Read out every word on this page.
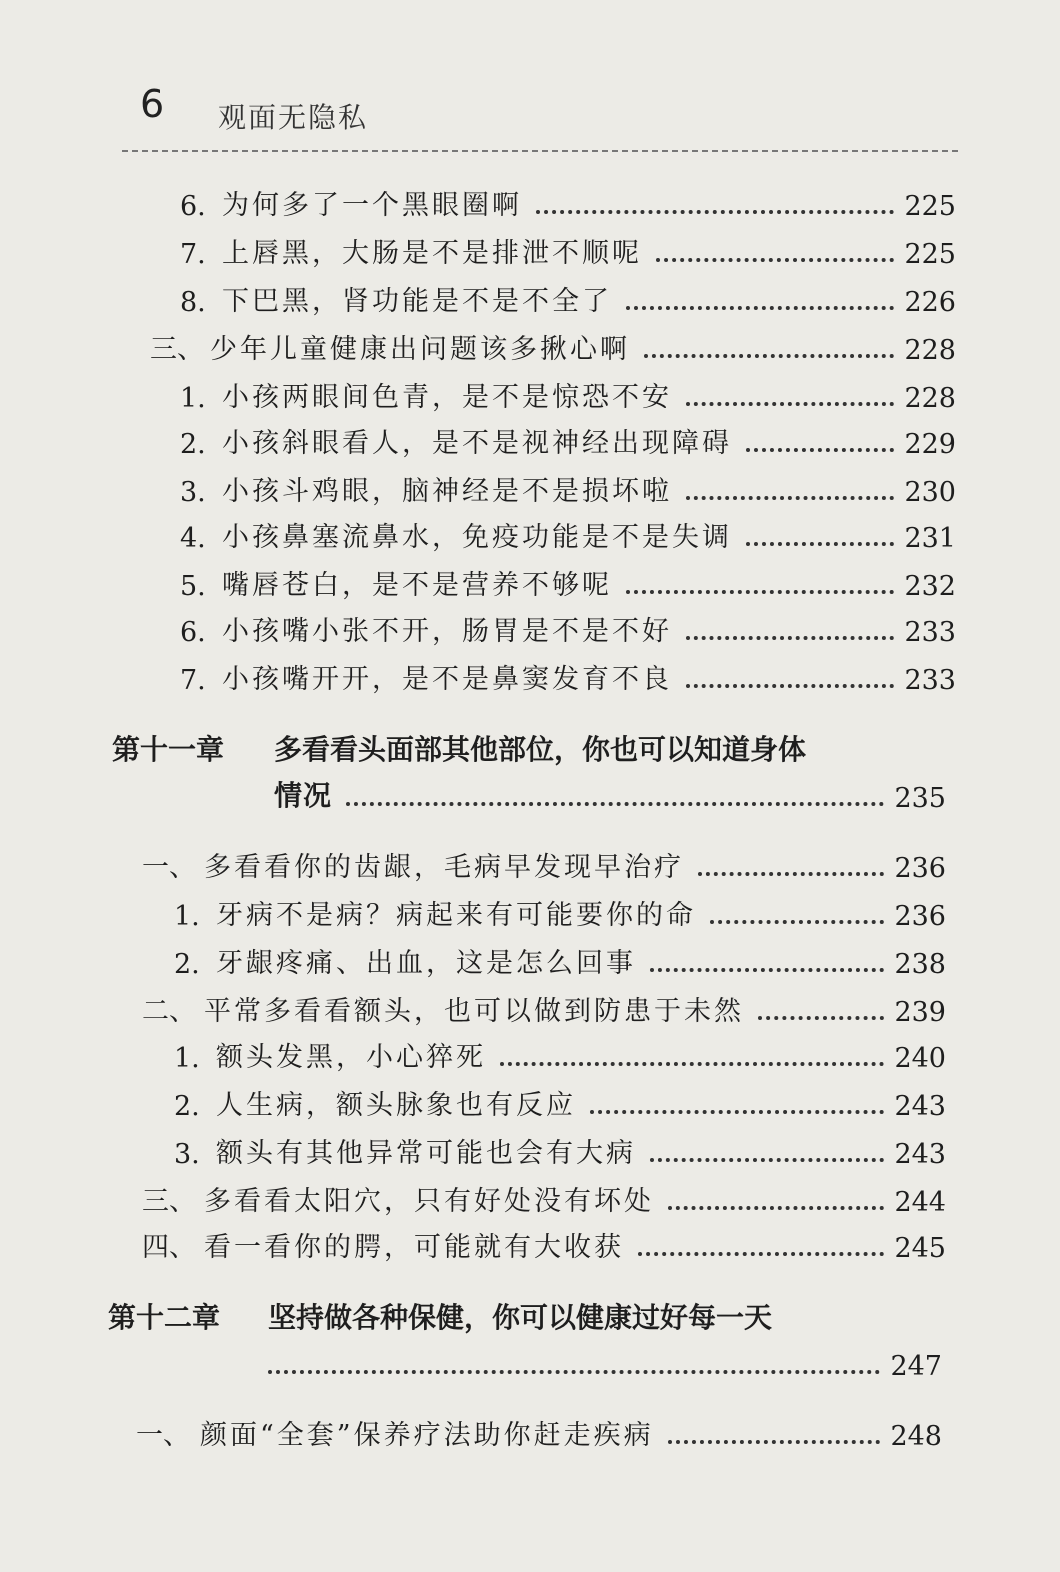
6 观面无隐私
6. 为何多了一个黑眼圈啊	225
7. 上唇黑，大肠是不是排泄不顺呢	225
8. 下巴黑，肾功能是不是不全了	226
三、 少年儿童健康出问题该多揪心啊	228
1. 小孩两眼间色青，是不是惊恐不安	228
2. 小孩斜眼看人，是不是视神经出现障碍	229
3. 小孩斗鸡眼，脑神经是不是损坏啦	230
4. 小孩鼻塞流鼻水，免疫功能是不是失调	231
5. 嘴唇苍白，是不是营养不够呢	232
6. 小孩嘴小张不开，肠胃是不是不好	233
7. 小孩嘴开开，是不是鼻窦发育不良	233
第十一章 多看看头面部其他部位，你也可以知道身体
情况	235
一、 多看看你的齿龈，毛病早发现早治疗	236
1. 牙病不是病？病起来有可能要你的命	236
2. 牙龈疼痛、出血，这是怎么回事	238
二、 平常多看看额头，也可以做到防患于未然	239
1. 额头发黑，小心猝死	240
2. 人生病，额头脉象也有反应	243
3. 额头有其他异常可能也会有大病	243
三、 多看看太阳穴，只有好处没有坏处	244
四、 看一看你的腭，可能就有大收获	245
第十二章 坚持做各种保健，你可以健康过好每一天
247
一、 颜面“全套”保养疗法助你赶走疾病	248
